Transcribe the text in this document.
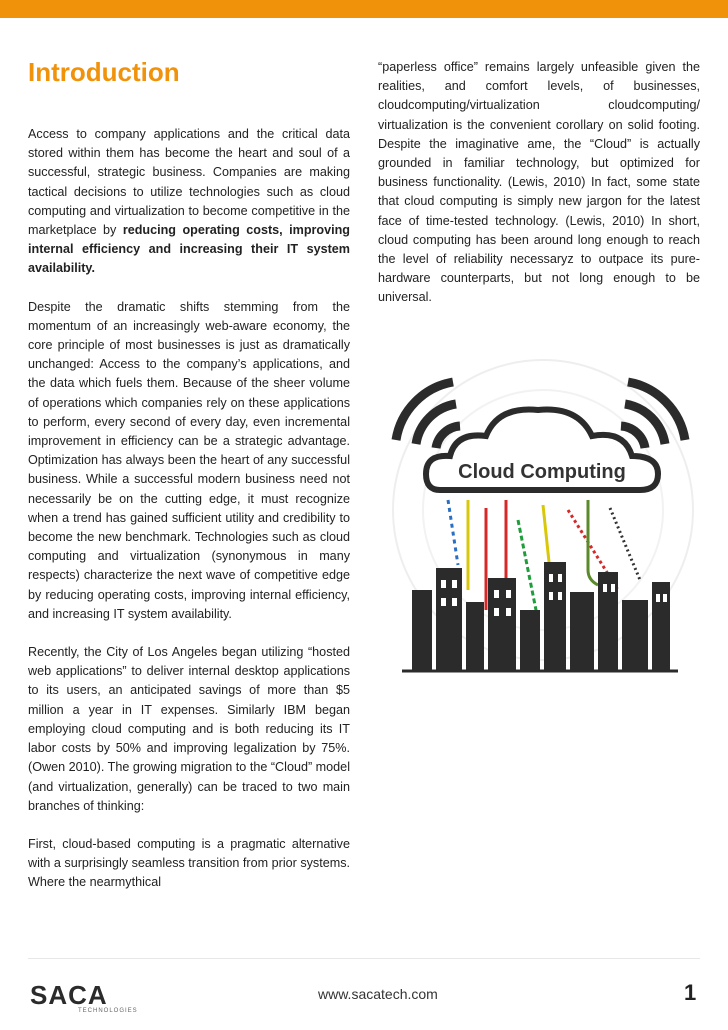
Introduction

Access to company applications and the critical data stored within them has become the heart and soul of a successful, strategic business. Companies are making tactical decisions to utilize technologies such as cloud computing and virtualization to become competitive in the marketplace by reducing operating costs, improving internal efficiency and increasing their IT system availability.

Despite the dramatic shifts stemming from the momentum of an increasingly web-aware economy, the core principle of most businesses is just as dramatically unchanged: Access to the company’s applications, and the data which fuels them. Because of the sheer volume of operations which companies rely on these applications to perform, every second of every day, even incremental improvement in efficiency can be a strategic advantage. Optimization has always been the heart of any successful business. While a successful modern business need not necessarily be on the cutting edge, it must recognize when a trend has gained sufficient utility and credibility to become the new benchmark. Technologies such as cloud computing and virtualization (synonymous in many respects) characterize the next wave of competitive edge by reducing operating costs, improving internal efficiency, and increasing IT system availability.

Recently, the City of Los Angeles began utilizing “hosted web applications” to deliver internal desktop applications to its users, an anticipated savings of more than $5 million a year in IT expenses. Similarly IBM began employing cloud computing and is both reducing its IT labor costs by 50% and improving legalization by 75%. (Owen 2010). The growing migration to the “Cloud” model (and virtualization, generally) can be traced to two main branches of thinking:

First, cloud-based computing is a pragmatic alternative with a surprisingly seamless transition from prior systems. Where the nearmythical

“paperless office” remains largely unfeasible given the realities, and comfort levels, of businesses, cloudcomputing/virtualization cloudcomputing/ virtualization is the convenient corollary on solid footing. Despite the imaginative ame, the “Cloud” is actually grounded in familiar technology, but optimized for business functionality. (Lewis, 2010) In fact, some state that cloud computing is simply new jargon for the latest face of time-tested technology. (Lewis, 2010) In short, cloud computing has been around long enough to reach the level of reliability necessaryz to outpace its pure-hardware counterparts, but not long enough to be universal.

Cloud Computing
SACA
TECHNOLOGIES
www.sacatech.com	1
